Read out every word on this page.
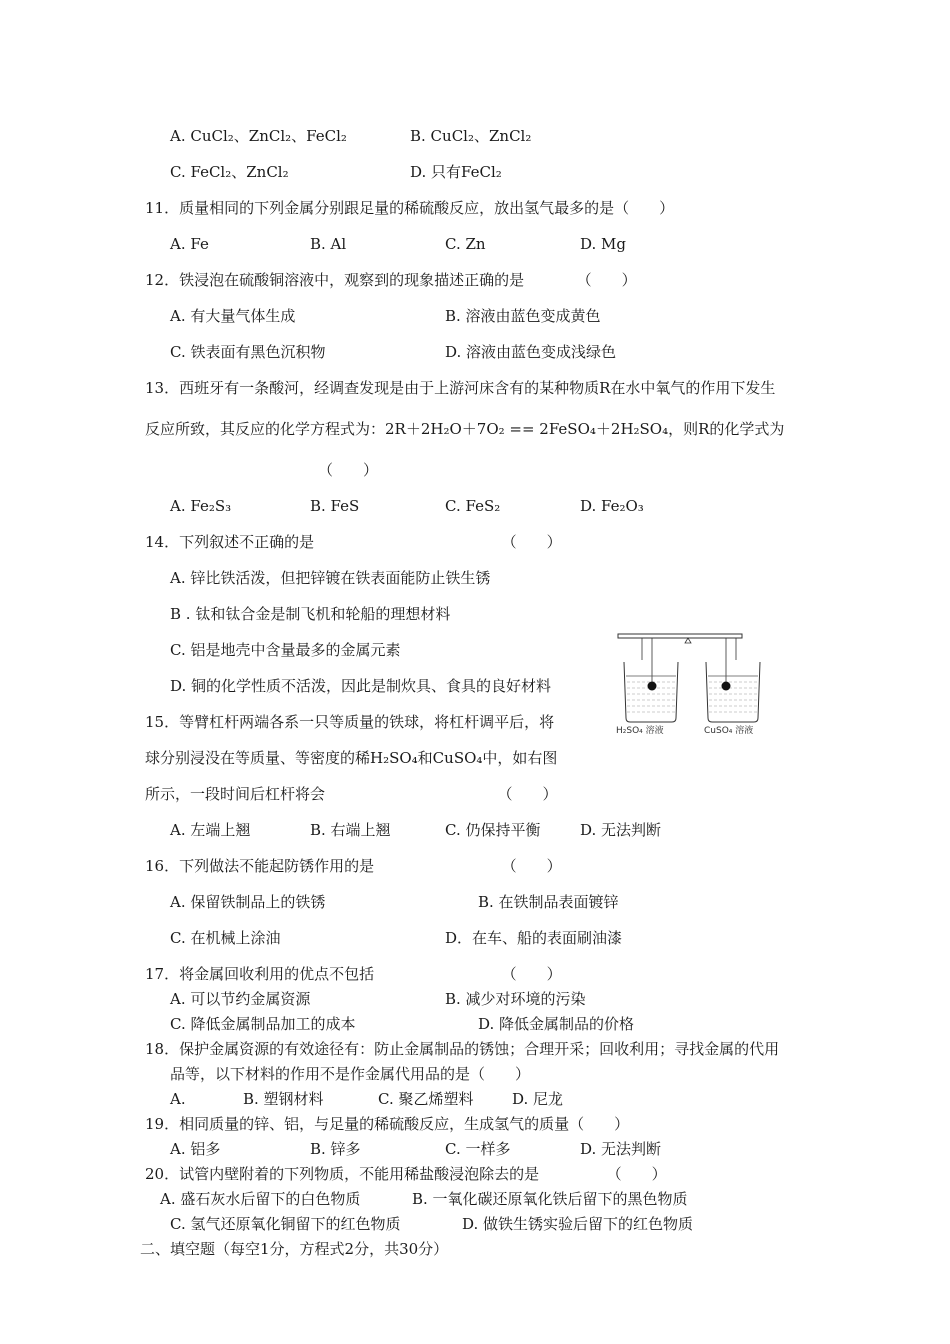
A. CuCl₂、ZnCl₂、FeCl₂	B. CuCl₂、ZnCl₂
C. FeCl₂、ZnCl₂	D. 只有FeCl₂
11．质量相同的下列金属分别跟足量的稀硫酸反应，放出氢气最多的是（　　）
A. Fe	B. Al	C. Zn	D. Mg
12．铁浸泡在硫酸铜溶液中，观察到的现象描述正确的是　　　　（　　）
A. 有大量气体生成	B. 溶液由蓝色变成黄色
C. 铁表面有黑色沉积物	D. 溶液由蓝色变成浅绿色
13．西班牙有一条酸河，经调查发现是由于上游河床含有的某种物质R在水中氧气的作用下发生
反应所致，其反应的化学方程式为：2R＋2H₂O＋7O₂ == 2FeSO₄＋2H₂SO₄，则R的化学式为
（　　）
A. Fe₂S₃	B. FeS	C. FeS₂	D. Fe₂O₃
14．下列叙述不正确的是　　　　　　　　　　　　　（　　）
A. 锌比铁活泼，但把锌镀在铁表面能防止铁生锈
B . 钛和钛合金是制飞机和轮船的理想材料
C. 铝是地壳中含量最多的金属元素
D. 铜的化学性质不活泼，因此是制炊具、食具的良好材料
H₂SO₄ 溶液	CuSO₄ 溶液
15．等臂杠杆两端各系一只等质量的铁球，将杠杆调平后，将
球分别浸没在等质量、等密度的稀H₂SO₄和CuSO₄中，如右图
所示，一段时间后杠杆将会　　　　　　　　　　　　（　　）
A. 左端上翘	B. 右端上翘	C. 仍保持平衡	D. 无法判断
16．下列做法不能起防锈作用的是　　　　　　　　　（　　）
A. 保留铁制品上的铁锈	B. 在铁制品表面镀锌
C. 在机械上涂油	D．在车、船的表面刷油漆
17．将金属回收利用的优点不包括　　　　　　　　　（　　）
A. 可以节约金属资源	B. 减少对环境的污染
C. 降低金属制品加工的成本	D. 降低金属制品的价格
18．保护金属资源的有效途径有：防止金属制品的锈蚀；合理开采；回收利用；寻找金属的代用
品等，以下材料的作用不是作金属代用品的是（　　）
A.	B. 塑钢材料	C. 聚乙烯塑料	D. 尼龙
19．相同质量的锌、铝，与足量的稀硫酸反应，生成氢气的质量（　　）
A. 铝多	B. 锌多	C. 一样多	D. 无法判断
20．试管内壁附着的下列物质，不能用稀盐酸浸泡除去的是　　　　　（　　）
A. 盛石灰水后留下的白色物质	B. 一氧化碳还原氧化铁后留下的黑色物质
C. 氢气还原氧化铜留下的红色物质	D. 做铁生锈实验后留下的红色物质
二、填空题（每空1分，方程式2分，共30分）
